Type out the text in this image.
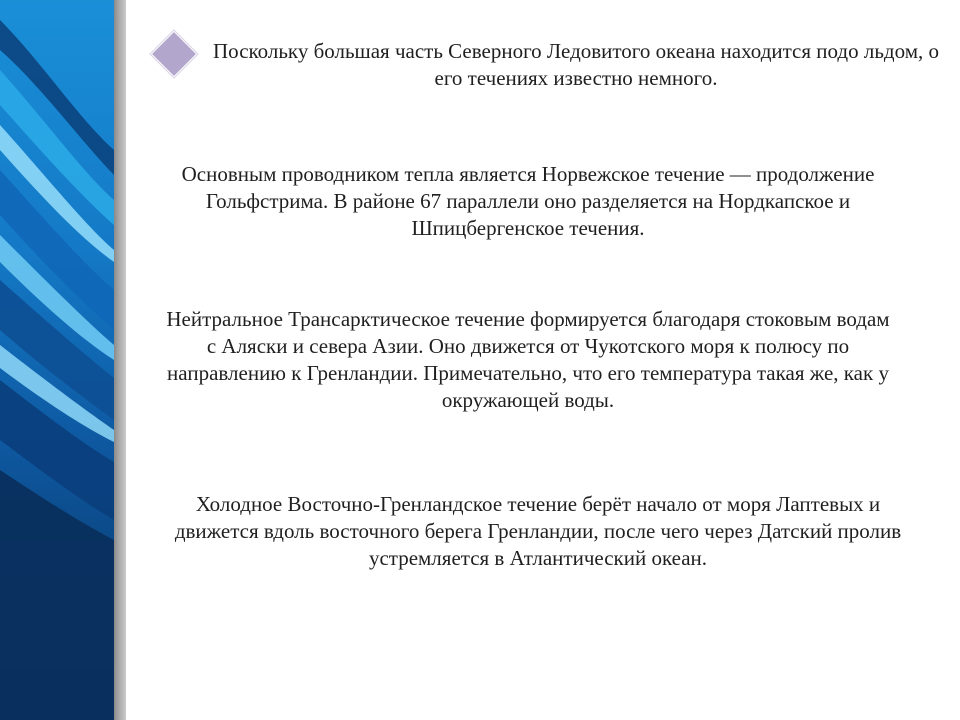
Поскольку большая часть Северного Ледовитого океана находится подо льдом, о его течениях известно немного.

Основным проводником тепла является Норвежское течение — продолжение Гольфстрима. В районе 67 параллели оно разделяется на Нордкапское и Шпицбергенское течения.

Нейтральное Трансарктическое течение формируется благодаря стоковым водам с Аляски и севера Азии. Оно движется от Чукотского моря к полюсу по направлению к Гренландии. Примечательно, что его температура такая же, как у окружающей воды.

Холодное Восточно-Гренландское течение берёт начало от моря Лаптевых и движется вдоль восточного берега Гренландии, после чего через Датский пролив устремляется в Атлантический океан.
